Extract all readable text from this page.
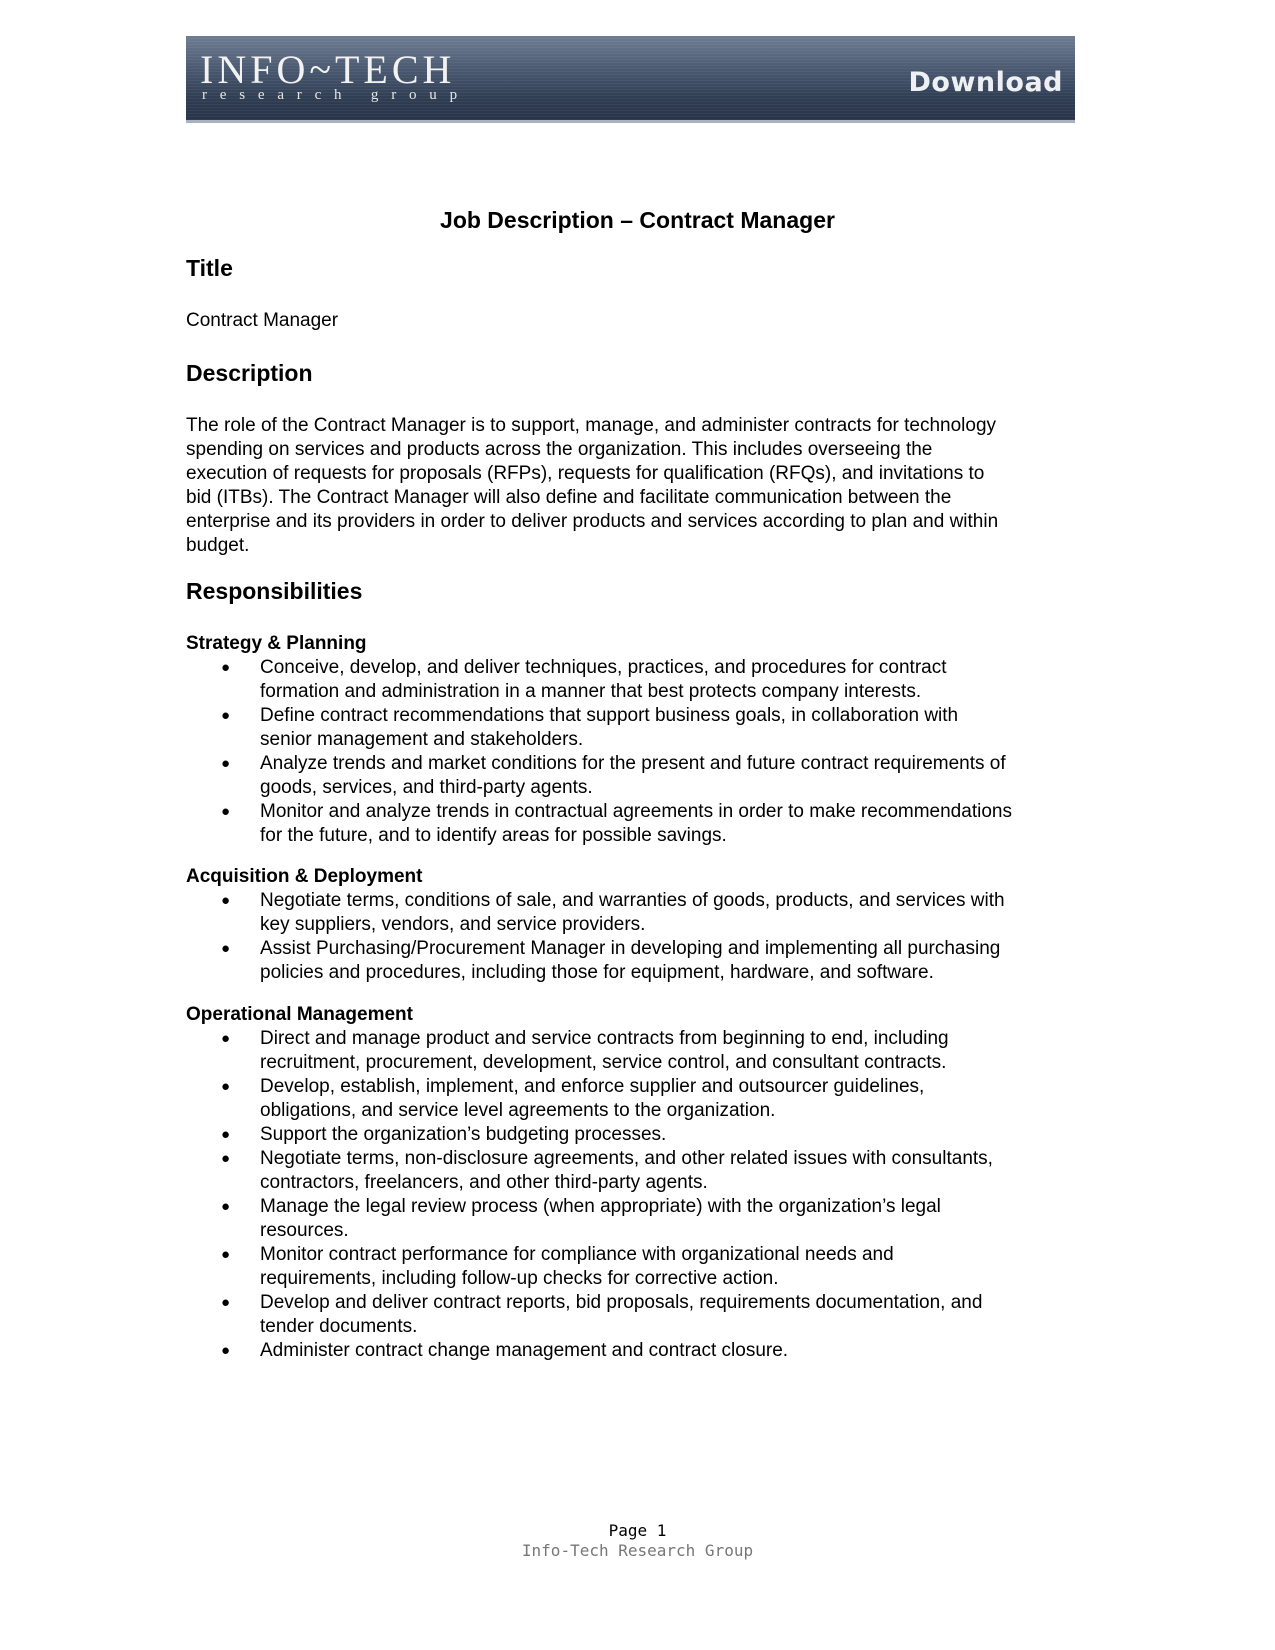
INFO~TECH
research group	Download
Job Description – Contract Manager
Title
Contract Manager
Description
The role of the Contract Manager is to support, manage, and administer contracts for technology
spending on services and products across the organization. This includes overseeing the
execution of requests for proposals (RFPs), requests for qualification (RFQs), and invitations to
bid (ITBs). The Contract Manager will also define and facilitate communication between the
enterprise and its providers in order to deliver products and services according to plan and within
budget.
Responsibilities
Strategy & Planning
● Conceive, develop, and deliver techniques, practices, and procedures for contract
formation and administration in a manner that best protects company interests.
● Define contract recommendations that support business goals, in collaboration with
senior management and stakeholders.
● Analyze trends and market conditions for the present and future contract requirements of
goods, services, and third-party agents.
● Monitor and analyze trends in contractual agreements in order to make recommendations
for the future, and to identify areas for possible savings.
Acquisition & Deployment
● Negotiate terms, conditions of sale, and warranties of goods, products, and services with
key suppliers, vendors, and service providers.
● Assist Purchasing/Procurement Manager in developing and implementing all purchasing
policies and procedures, including those for equipment, hardware, and software.
Operational Management
● Direct and manage product and service contracts from beginning to end, including
recruitment, procurement, development, service control, and consultant contracts.
● Develop, establish, implement, and enforce supplier and outsourcer guidelines,
obligations, and service level agreements to the organization.
● Support the organization’s budgeting processes.
● Negotiate terms, non-disclosure agreements, and other related issues with consultants,
contractors, freelancers, and other third-party agents.
● Manage the legal review process (when appropriate) with the organization’s legal
resources.
● Monitor contract performance for compliance with organizational needs and
requirements, including follow-up checks for corrective action.
● Develop and deliver contract reports, bid proposals, requirements documentation, and
tender documents.
● Administer contract change management and contract closure.
Page 1
Info-Tech Research Group
